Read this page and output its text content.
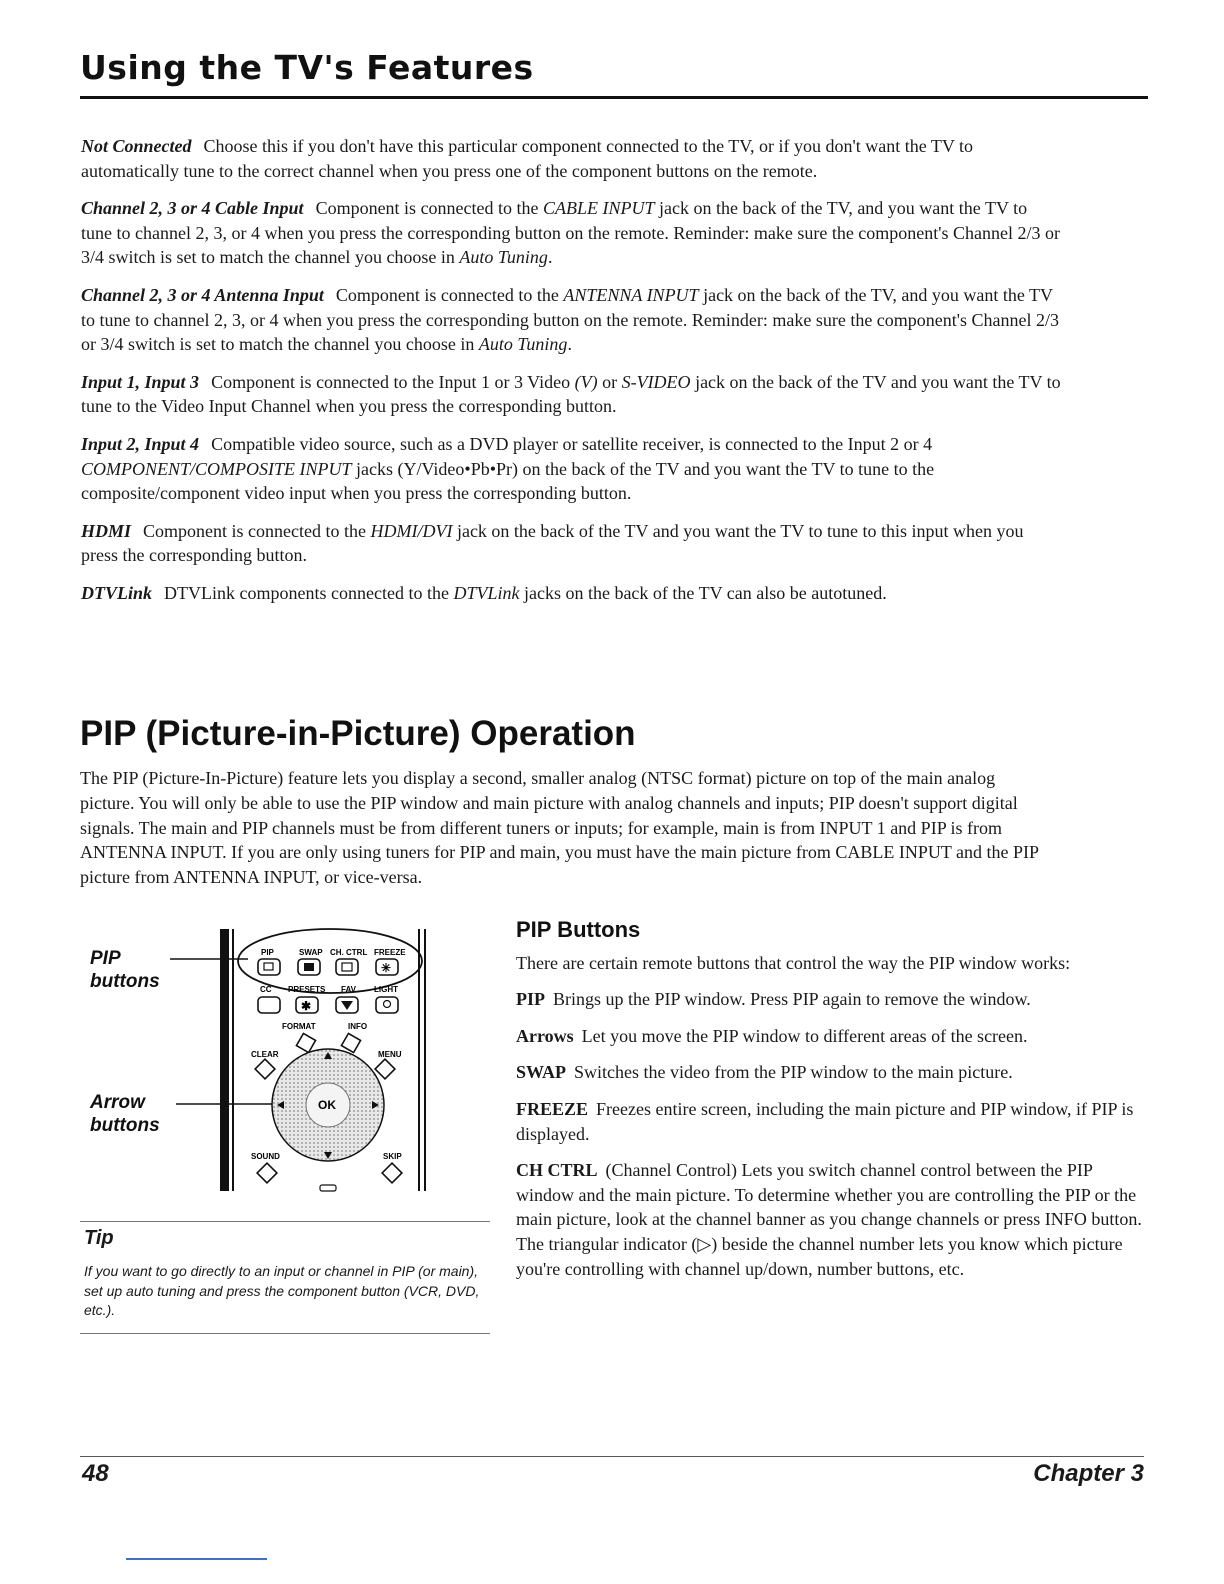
Using the TV's Features

Not Connected Choose this if you don't have this particular component connected to the TV, or if you don't want the TV to automatically tune to the correct channel when you press one of the component buttons on the remote.

Channel 2, 3 or 4 Cable Input Component is connected to the CABLE INPUT jack on the back of the TV, and you want the TV to tune to channel 2, 3, or 4 when you press the corresponding button on the remote. Reminder: make sure the component's Channel 2/3 or 3/4 switch is set to match the channel you choose in Auto Tuning.

Channel 2, 3 or 4 Antenna Input Component is connected to the ANTENNA INPUT jack on the back of the TV, and you want the TV to tune to channel 2, 3, or 4 when you press the corresponding button on the remote. Reminder: make sure the component's Channel 2/3 or 3/4 switch is set to match the channel you choose in Auto Tuning.

Input 1, Input 3 Component is connected to the Input 1 or 3 Video (V) or S-VIDEO jack on the back of the TV and you want the TV to tune to the Video Input Channel when you press the corresponding button.

Input 2, Input 4 Compatible video source, such as a DVD player or satellite receiver, is connected to the Input 2 or 4 COMPONENT/COMPOSITE INPUT jacks (Y/Video•Pb•Pr) on the back of the TV and you want the TV to tune to the composite/component video input when you press the corresponding button.

HDMI Component is connected to the HDMI/DVI jack on the back of the TV and you want the TV to tune to this input when you press the corresponding button.

DTVLink DTVLink components connected to the DTVLink jacks on the back of the TV can also be autotuned.

PIP (Picture-in-Picture) Operation

The PIP (Picture-In-Picture) feature lets you display a second, smaller analog (NTSC format) picture on top of the main analog picture. You will only be able to use the PIP window and main picture with analog channels and inputs; PIP doesn't support digital signals. The main and PIP channels must be from different tuners or inputs; for example, main is from INPUT 1 and PIP is from ANTENNA INPUT. If you are only using tuners for PIP and main, you must have the main picture from CABLE INPUT and the PIP picture from ANTENNA INPUT, or vice-versa.

PIP
buttons
Arrow
buttons
PIP	SWAP CH. CTRL FREEZE
✳
CC PRESETS FAV LIGHT
✱
FORMAT	INFO
CLEAR	MENU
OK
SOUND	SKIP
Tip

If you want to go directly to an input or channel in PIP (or main), set up auto tuning and press the component button (VCR, DVD, etc.).

PIP Buttons

There are certain remote buttons that control the way the PIP window works:

PIP Brings up the PIP window. Press PIP again to remove the window.

Arrows Let you move the PIP window to different areas of the screen.

SWAP Switches the video from the PIP window to the main picture.

FREEZE Freezes entire screen, including the main picture and PIP window, if PIP is displayed.

CH CTRL (Channel Control) Lets you switch channel control between the PIP window and the main picture. To determine whether you are controlling the PIP or the main picture, look at the channel banner as you change channels or press INFO button. The triangular indicator (▷) beside the channel number lets you know which picture you're controlling with channel up/down, number buttons, etc.

48	Chapter 3
